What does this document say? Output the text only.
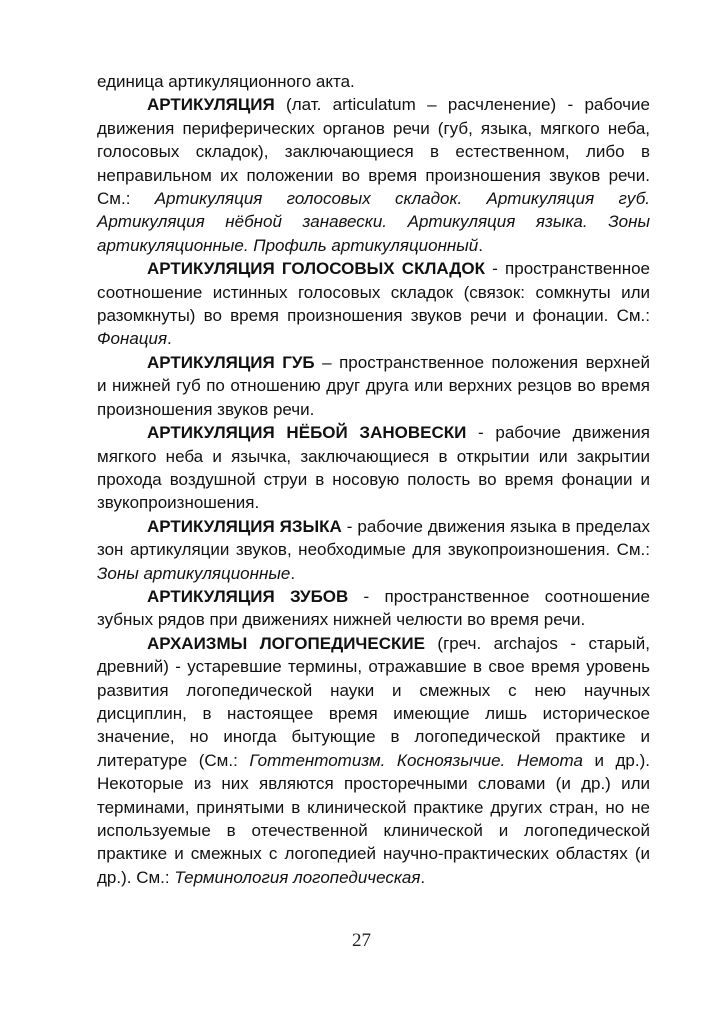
единица артикуляционного акта.

АРТИКУЛЯЦИЯ (лат. articulatum – расчленение) - рабочие движения периферических органов речи (губ, языка, мягкого неба, голосовых складок), заключающиеся в естественном, либо в неправильном их положении во время произношения звуков речи. См.: Артикуляция голосовых складок. Артикуляция губ. Артикуляция нёбной занавески. Артикуляция языка. Зоны артикуляционные. Профиль артикуляционный.

АРТИКУЛЯЦИЯ ГОЛОСОВЫХ СКЛАДОК - пространственное соотношение истинных голосовых складок (связок: сомкнуты или разомкнуты) во время произношения звуков речи и фонации. См.: Фонация.

АРТИКУЛЯЦИЯ ГУБ – пространственное положения верхней и нижней губ по отношению друг друга или верхних резцов во время произношения звуков речи.

АРТИКУЛЯЦИЯ НЁБОЙ ЗАНОВЕСКИ - рабочие движения мягкого неба и язычка, заключающиеся в открытии или закрытии прохода воздушной струи в носовую полость во время фонации и звукопроизношения.

АРТИКУЛЯЦИЯ ЯЗЫКА - рабочие движения языка в пределах зон артикуляции звуков, необходимые для звукопроизношения. См.: Зоны артикуляционные.

АРТИКУЛЯЦИЯ ЗУБОВ - пространственное соотношение зубных рядов при движениях нижней челюсти во время речи.

АРХАИЗМЫ ЛОГОПЕДИЧЕСКИЕ (греч. archajos - старый, древний) - устаревшие термины, отражавшие в свое время уровень развития логопедической науки и смежных с нею научных дисциплин, в настоящее время имеющие лишь историческое значение, но иногда бытующие в логопедической практике и литературе (См.: Готтентотизм. Косноязычие. Немота и др.). Некоторые из них являются просторечными словами (и др.) или терминами, принятыми в клинической практике других стран, но не используемые в отечественной клинической и логопедической практике и смежных с логопедией научно-практических областях (и др.). См.: Терминология логопедическая.

27
